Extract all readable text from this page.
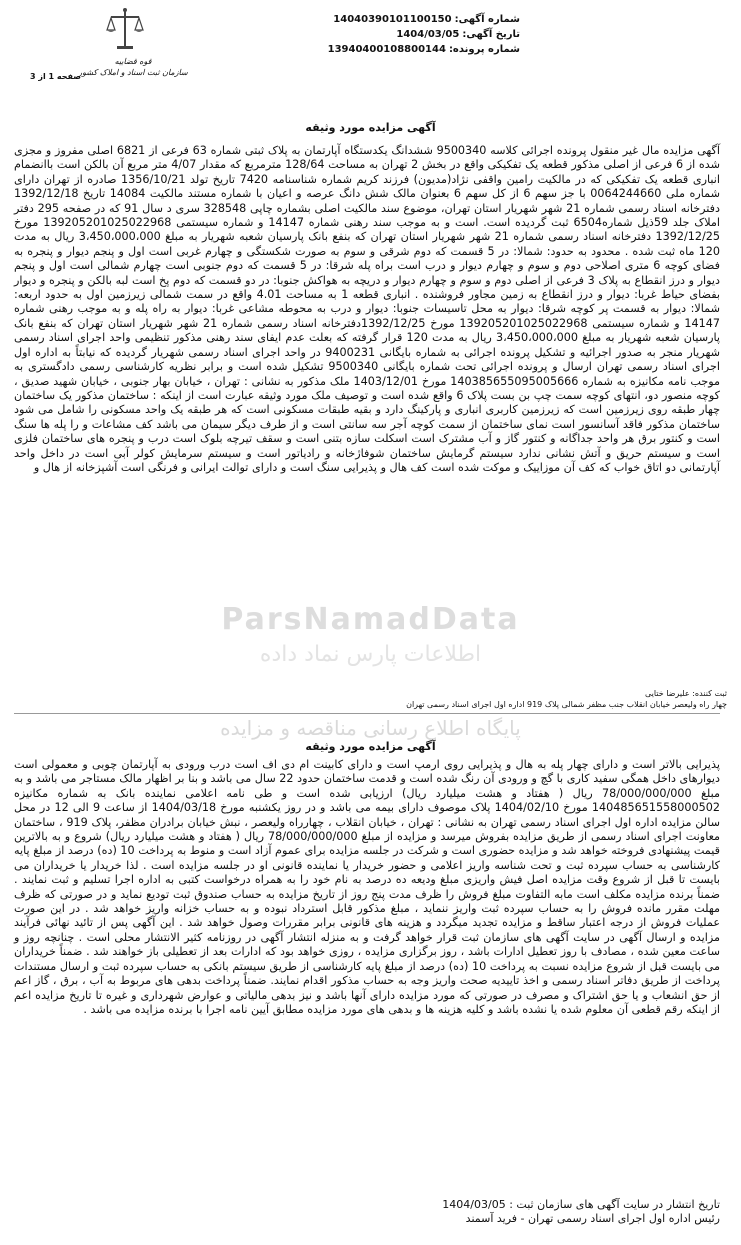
شماره آگهی:14040390101100150
تاریخ آگهی:1404/03/05
شماره پرونده:13940400108800144
قوه قضاییه
سازمان ثبت اسناد و املاک کشور
صفحه 1 از 3
آگهی مزایده مورد وثیقه
آگهی مزایده مال غیر منقول پرونده اجرائی کلاسه 9500340 ششدانگ یکدستگاه آپارتمان به پلاک ثبتی شماره 63 فرعی از 6821 اصلی مفروز و مجزی شده از 6 فرعی از اصلی مذکور قطعه یک تفکیکی واقع در بخش 2 تهران به مساحت 128/64 مترمربع که مقدار 4/07 متر مربع آن بالکن است باانضمام انباری قطعه یک تفکیکی که در مالکیت رامین واقفی نژاد(مدیون) فرزند کریم شماره شناسنامه 7420 تاریخ تولد 1356/10/21 صادره از تهران دارای شماره ملی 0064244660 با جز سهم 6 از کل سهم 6 بعنوان مالک شش دانگ عرصه و اعیان با شماره مستند مالکیت 14084 تاریخ 1392/12/18 دفترخانه اسناد رسمی شماره 21 شهر شهریار استان تهران، موضوع سند مالکیت اصلی بشماره چاپی 328548 سری د سال 91 که در صفحه 295 دفتر املاک جلد 59ذیل شماره6504 ثبت گردیده است. است و به موجب سند رهنی شماره 14147 و شماره سیستمی 139205201025022968 مورخ 1392/12/25 دفترخانه اسناد رسمی شماره 21 شهر شهریار استان تهران که بنفع بانک پارسیان شعبه شهریار به مبلغ 3،450،000،000 ریال به مدت 120 ماه ثبت شده . محدود به حدود: شمالا: در 5 قسمت که دوم شرقی و سوم به صورت شکستگی و چهارم غربی است اول و پنجم دیوار و پنجره به فضای کوچه 6 متری اصلاحی دوم و سوم و چهارم دیوار و درب است براه پله شرقا: در 5 قسمت که دوم جنوبی است چهارم شمالی است اول و پنجم دیوار و درز انقطاع به پلاک 3 فرعی از اصلی دوم و سوم و چهارم دیوار و دریچه به هواکش جنوبا: در دو قسمت که دوم پخ است لبه بالکن و پنجره و دیوار بفضای حیاط غربا: دیوار و درز انقطاع به زمین مجاور فروشنده . انباری قطعه 1 به مساحت 4.01 واقع در سمت شمالی زیرزمین اول به حدود اربعه: شمالا: دیوار به قسمت پر کوچه شرقا: دیوار به محل تاسیسات جنوبا: دیوار و درب به محوطه مشاعی غربا: دیوار به راه پله و به موجب رهنی شماره 14147 و شماره سیستمی 139205201025022968 مورخ 1392/12/25دفترخانه اسناد رسمی شماره 21 شهر شهریار استان تهران که بنفع بانک پارسیان شعبه شهریار به مبلغ 3،450،000،000 ریال به مدت 120 قرار گرفته که بعلت عدم ایفای سند رهنی مذکور تنظیمی واحد اجرای اسناد رسمی شهریار منجر به صدور اجرائیه و تشکیل پرونده اجرائی به شماره بایگانی 9400231 در واحد اجرای اسناد رسمی شهریار گردیده که نیابتاً به اداره اول اجرای اسناد رسمی تهران ارسال و پرونده اجرائی تحت شماره بایگانی 9500340 تشکیل شده است و برابر نظریه کارشناسی رسمی دادگستری به موجب نامه مکانیزه به شماره 140385655095005666 مورخ 1403/12/01 ملک مذکور به نشانی : تهران ، خیابان بهار جنوبی ، خیابان شهید صدیق ، کوچه منصور دو، انتهای کوچه سمت چپ بن بست پلاک 6 واقع شده است و توصیف ملک مورد وثیقه عبارت است از اینکه : ساختمان مذکور یک ساختمان چهار طبقه روی زیرزمین است که زیرزمین کاربری انباری و پارکینگ دارد و بقیه طبقات مسکونی است که هر طبقه یک واحد مسکونی را شامل می شود ساختمان مذکور فاقد آسانسور است نمای ساختمان از سمت کوچه آجر سه سانتی است و از طرف دیگر سیمان می باشد کف مشاعات و را پله ها سنگ است و کنتور برق هر واحد جداگانه و کنتور گاز و آب مشترک است اسکلت سازه بتنی است و سقف تیرچه بلوک است درب و پنجره های ساختمان فلزی است و سیستم حریق و آتش نشانی ندارد سیستم گرمایش ساختمان شوفاژخانه و رادیاتور است و سیستم سرمایش کولر آبی است در داخل واحد آپارتمانی دو اتاق خواب که کف آن موزاییک و موکت شده است کف هال و پذیرایی سنگ است و دارای توالت ایرانی و فرنگی است آشپزخانه از هال و
ParsNamadData
اطلاعات پارس نماد داده
ثبت کننده: علیرضا ختایی
چهار راه ولیعصر خیابان انقلاب جنب مظفر شمالی پلاک 919 اداره اول اجرای اسناد رسمی تهران
پایگاه اطلاع رسانی مناقصه و مزایده
آگهی مزایده مورد وثیقه
پذیرایی بالاتر است و دارای چهار پله به هال و پذیرایی روی ارمپ است و دارای کابینت ام دی اف است درب ورودی به آپارتمان چوبی و معمولی است دیوارهای داخل همگی سفید کاری با گچ و ورودی آن رنگ شده است و قدمت ساختمان حدود 22 سال می باشد و بنا بر اظهار مالک مستاجر می باشد و به مبلغ 78/000/000/000 ریال ( هفتاد و هشت میلیارد ریال) ارزیابی شده است و طی نامه اعلامی نماینده بانک به شماره مکانیزه 140485651558000502 مورخ 1404/02/10 پلاک موصوف دارای بیمه می باشد و در روز یکشنبه مورخ 1404/03/18 از ساعت 9 الی 12 در محل سالن مزایده اداره اول اجرای اسناد رسمی تهران به نشانی : تهران ، خیابان انقلاب ، چهارراه ولیعصر ، نبش خیابان برادران مظفر، پلاک 919 ، ساختمان معاونت اجرای اسناد رسمی از طریق مزایده بفروش میرسد و مزایده از مبلغ 78/000/000/000 ریال ( هفتاد و هشت میلیارد ریال) شروع و به بالاترین قیمت پیشنهادی فروخته خواهد شد و مزایده حضوری است و شرکت در جلسه مزایده برای عموم آزاد است و منوط به پرداخت 10 (ده) درصد از مبلغ پایه کارشناسی به حساب سپرده ثبت و تحت شناسه واریز اعلامی و حضور خریدار یا نماینده قانونی او در جلسه مزایده است . لذا خریدار یا خریداران می بایست تا قبل از شروع وقت مزایده اصل فیش واریزی مبلغ ودیعه ده درصد به نام خود را به همراه درخواست کتبی به اداره اجرا تسلیم و ثبت نمایند . ضمناً برنده مزایده مکلف است مابه التفاوت مبلغ فروش را ظرف مدت پنج روز از تاریخ مزایده به حساب صندوق ثبت تودیع نماید و در صورتی که ظرف مهلت مقرر مانده فروش را به حساب سپرده ثبت واریز ننماید ، مبلغ مذکور قابل استرداد نبوده و به حساب خزانه واریز خواهد شد . در این صورت عملیات فروش از درجه اعتبار ساقط و مزایده تجدید میگردد و هزینه های قانونی برابر مقررات وصول خواهد شد . این آگهی پس از تائید نهائی فرآیند مزایده و ارسال آگهی در سایت آگهی های سازمان ثبت قرار خواهد گرفت و به منزله انتشار آگهی در روزنامه کثیر الانتشار محلی است . چنانچه روز و ساعت معین شده ، مصادف با روز تعطیل ادارات باشد ، روز برگزاری مزایده ، روزی خواهد بود که ادارات بعد از تعطیلی باز خواهند شد . ضمناً خریداران می بایست قبل از شروع مزایده نسبت به پرداخت 10 (ده) درصد از مبلغ پایه کارشناسی از طریق سیستم بانکی به حساب سپرده ثبت و ارسال مستندات پرداخت از طریق دفاتر اسناد رسمی و اخذ تاییدیه صحت واریز وجه به حساب مذکور اقدام نمایند. ضمناً پرداخت بدهی های مربوط به آب ، برق ، گاز اعم از حق انشعاب و یا حق اشتراک و مصرف در صورتی که مورد مزایده دارای آنها باشد و نیز بدهی مالیاتی و عوارض شهرداری و غیره تا تاریخ مزایده اعم از اینکه رقم قطعی آن معلوم شده یا نشده باشد و کلیه هزینه ها و بدهی های مورد مزایده مطابق آیین نامه اجرا با برنده مزایده می باشد .
تاریخ انتشار در سایت آگهی های سازمان ثبت : 1404/03/05
رئیس اداره اول اجرای اسناد رسمی تهران - فرید آسمند
